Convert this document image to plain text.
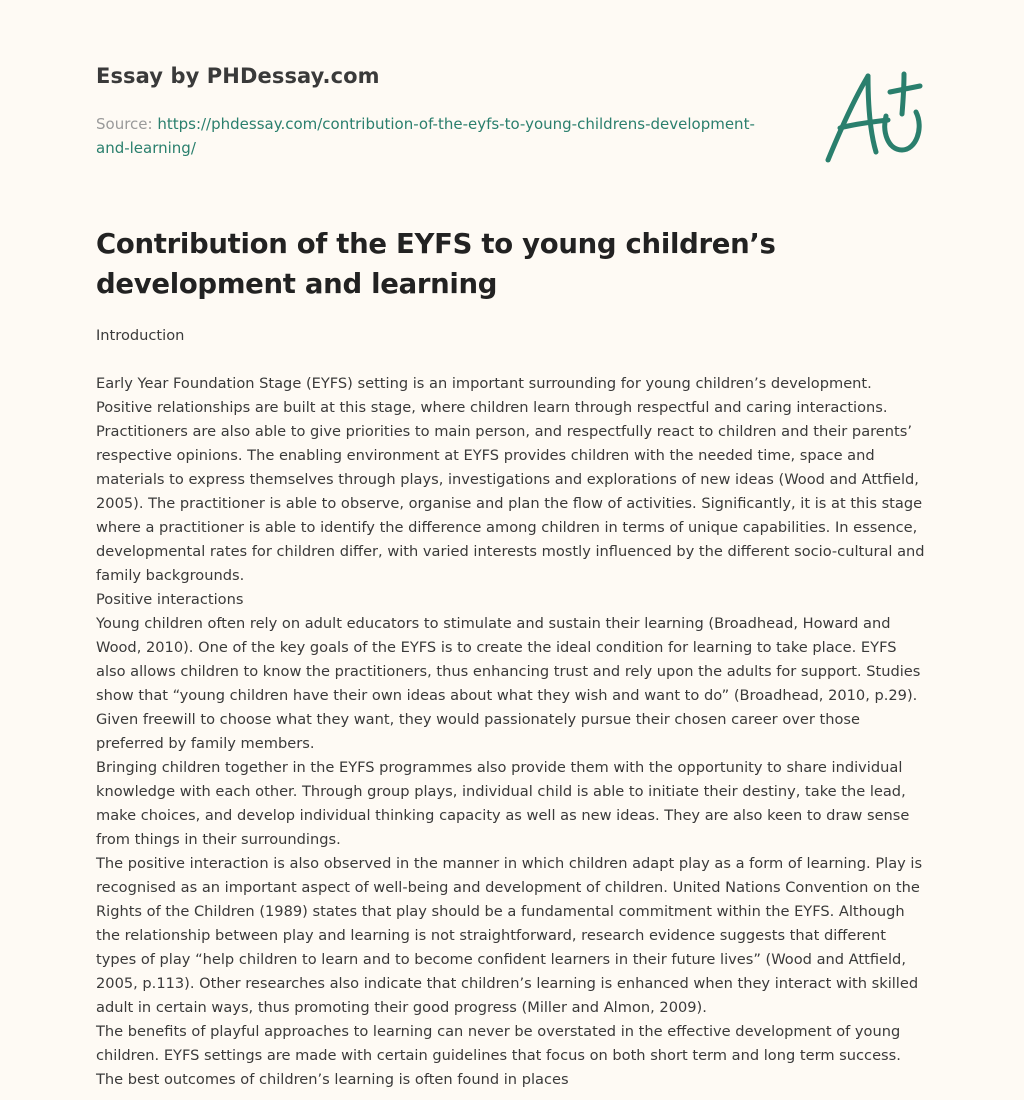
Essay by PHDessay.com
Source: https://phdessay.com/contribution-of-the-eyfs-to-young-childrens-development-and-learning/
Contribution of the EYFS to young children’s development and learning

Introduction

Early Year Foundation Stage (EYFS) setting is an important surrounding for young children’s development. Positive relationships are built at this stage, where children learn through respectful and caring interactions. Practitioners are also able to give priorities to main person, and respectfully react to children and their parents’ respective opinions. The enabling environment at EYFS provides children with the needed time, space and materials to express themselves through plays, investigations and explorations of new ideas (Wood and Attfield, 2005). The practitioner is able to observe, organise and plan the flow of activities. Significantly, it is at this stage where a practitioner is able to identify the difference among children in terms of unique capabilities. In essence, developmental rates for children differ, with varied interests mostly influenced by the different socio-cultural and family backgrounds.

Positive interactions

Young children often rely on adult educators to stimulate and sustain their learning (Broadhead, Howard and Wood, 2010). One of the key goals of the EYFS is to create the ideal condition for learning to take place. EYFS also allows children to know the practitioners, thus enhancing trust and rely upon the adults for support. Studies show that “young children have their own ideas about what they wish and want to do” (Broadhead, 2010, p.29). Given freewill to choose what they want, they would passionately pursue their chosen career over those preferred by family members.

Bringing children together in the EYFS programmes also provide them with the opportunity to share individual knowledge with each other. Through group plays, individual child is able to initiate their destiny, take the lead, make choices, and develop individual thinking capacity as well as new ideas. They are also keen to draw sense from things in their surroundings.

The positive interaction is also observed in the manner in which children adapt play as a form of learning. Play is recognised as an important aspect of well-being and development of children. United Nations Convention on the Rights of the Children (1989) states that play should be a fundamental commitment within the EYFS. Although the relationship between play and learning is not straightforward, research evidence suggests that different types of play “help children to learn and to become confident learners in their future lives” (Wood and Attfield, 2005, p.113). Other researches also indicate that children’s learning is enhanced when they interact with skilled adult in certain ways, thus promoting their good progress (Miller and Almon, 2009).

The benefits of playful approaches to learning can never be overstated in the effective development of young children. EYFS settings are made with certain guidelines that focus on both short term and long term success. The best outcomes of children’s learning is often found in places
